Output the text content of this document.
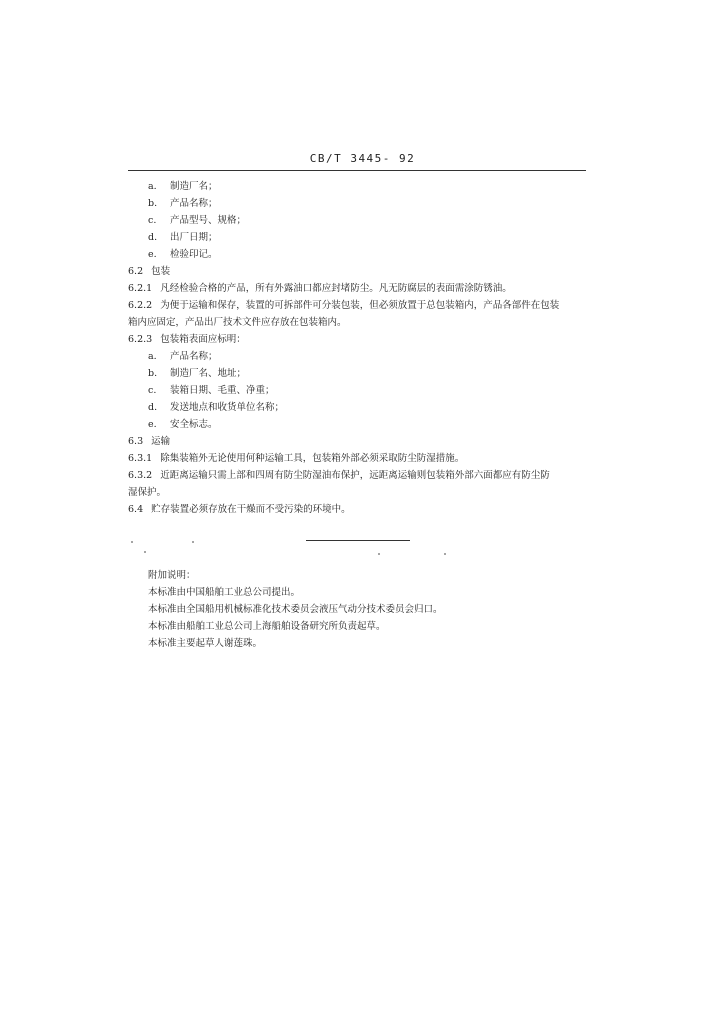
CB/T 3445- 92
a. 制造厂名；
b. 产品名称；
c. 产品型号、规格；
d. 出厂日期；
e. 检验印记。
6.2 包装
6.2.1 凡经检验合格的产品，所有外露油口都应封堵防尘。凡无防腐层的表面需涂防锈油。
6.2.2 为便于运输和保存，装置的可拆部件可分装包装，但必须放置于总包装箱内，产品各部件在包装
箱内应固定，产品出厂技术文件应存放在包装箱内。
6.2.3 包装箱表面应标明：
a. 产品名称；
b. 制造厂名、地址；
c. 装箱日期、毛重、净重；
d. 发送地点和收货单位名称；
e. 安全标志。
6.3 运输
6.3.1 除集装箱外无论使用何种运输工具，包装箱外部必须采取防尘防湿措施。
6.3.2 近距离运输只需上部和四周有防尘防湿油布保护，远距离运输则包装箱外部六面都应有防尘防
湿保护。
6.4 贮存装置必须存放在干燥而不受污染的环境中。
附加说明：
本标准由中国船舶工业总公司提出。
本标准由全国船用机械标准化技术委员会液压气动分技术委员会归口。
本标准由船舶工业总公司上海船舶设备研究所负责起草。
本标准主要起草人谢莲珠。
